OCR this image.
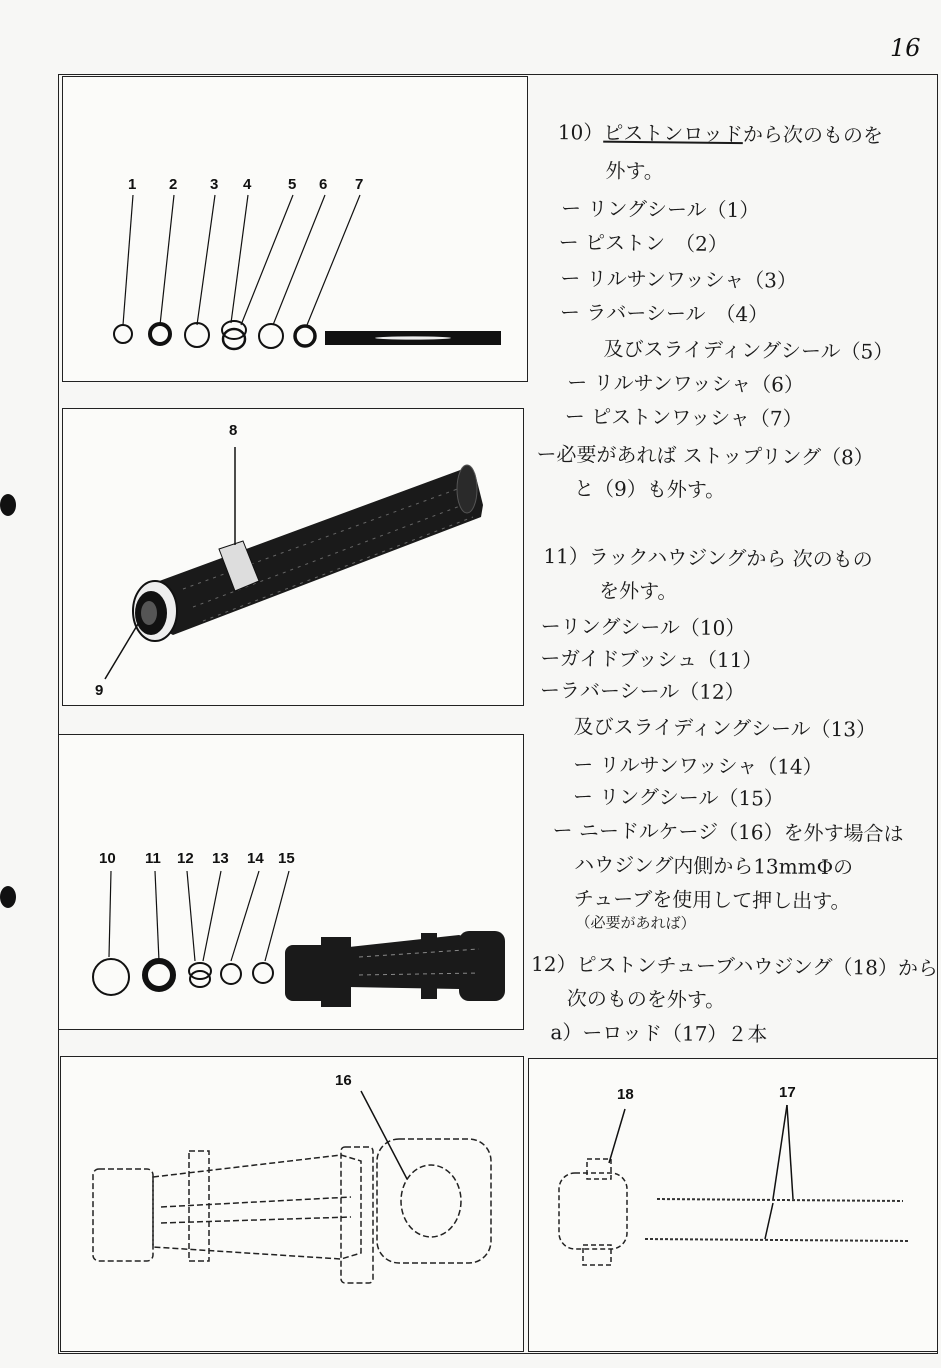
16
1 2 3 4 5 6 7
8
9
10 11 12 13 14 15
16
18	17
10）ピストンロッドから次のものを
外す。
ー リングシール（1）
ー ピストン　（2）
ー リルサンワッシャ（3）
ー ラバーシール　（4）
及びスライディングシール（5）
ー リルサンワッシャ（6）
ー ピストンワッシャ（7）
ー必要があれば ストップリング（8）
と（9）も外す。
11）ラックハウジングから 次のもの
を外す。
ーリングシール（10）
ーガイドブッシュ（11）
ーラバーシール（12）
及びスライディングシール（13）
ー リルサンワッシャ（14）
ー リングシール（15）
ー ニードルケージ（16）を外す場合は
ハウジング内側から13mmΦの
チューブを使用して押し出す。
（必要があれば）
12）ピストンチューブハウジング（18）から
次のものを外す。
a）ーロッド（17）２本
